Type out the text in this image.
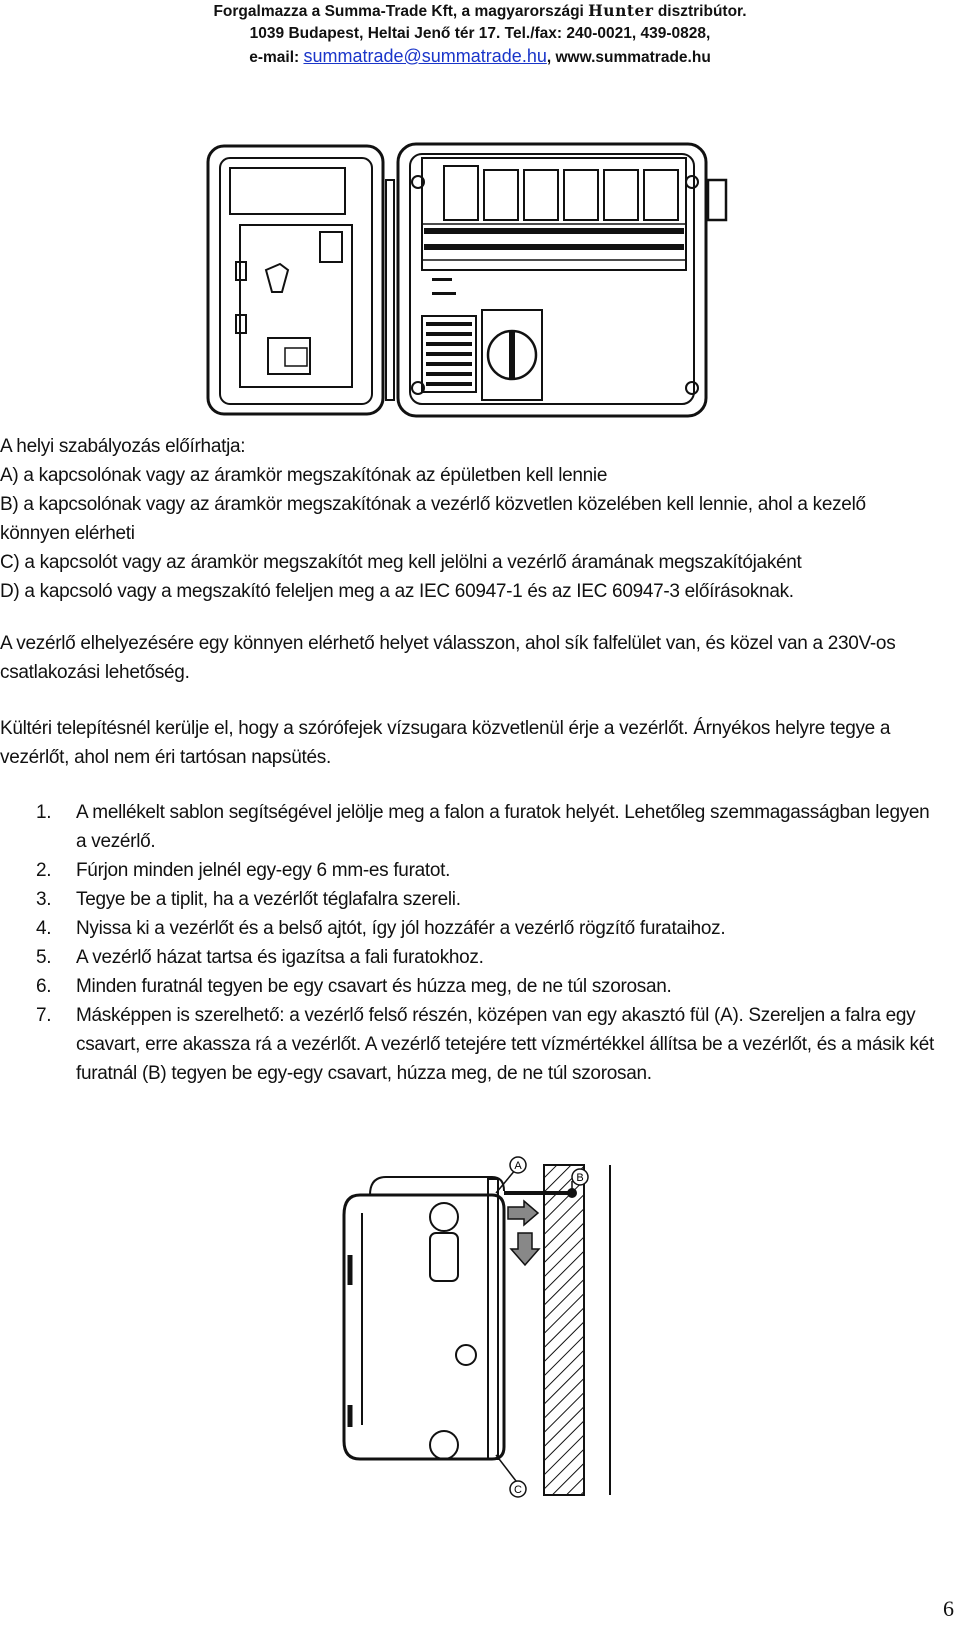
Forgalmazza a Summa-Trade Kft, a magyarországi Hunter disztribútor.
1039 Budapest, Heltai Jenő tér 17. Tel./fax: 240-0021, 439-0828,
e-mail: summatrade@summatrade.hu, www.summatrade.hu

A helyi szabályozás előírhatja:

A) a kapcsolónak vagy az áramkör megszakítónak az épületben kell lennie

B) a kapcsolónak vagy az áramkör megszakítónak a vezérlő közvetlen közelében kell lennie, ahol a kezelő könnyen elérheti

C) a kapcsolót vagy az áramkör megszakítót meg kell jelölni a vezérlő áramának megszakítójaként

D) a kapcsoló vagy a megszakító feleljen meg a az IEC 60947-1 és az IEC 60947-3 előírásoknak.

A vezérlő elhelyezésére egy könnyen elérhető helyet válasszon, ahol sík falfelület van, és közel van a 230V-os csatlakozási lehetőség.
Kültéri telepítésnél kerülje el, hogy a szórófejek vízsugara közvetlenül érje a vezérlőt. Árnyékos helyre tegye a vezérlőt, ahol nem éri tartósan napsütés.
1.	A mellékelt sablon segítségével jelölje meg a falon a furatok helyét. Lehetőleg szemmagasságban legyen a vezérlő.
2.	Fúrjon minden jelnél egy-egy 6 mm-es furatot.
3.	Tegye be a tiplit, ha a vezérlőt téglafalra szereli.
4.	Nyissa ki a vezérlőt és a belső ajtót, így jól hozzáfér a vezérlő rögzítő furataihoz.
5.	A vezérlő házat tartsa és igazítsa a fali furatokhoz.
6.	Minden furatnál tegyen be egy csavart és húzza meg, de ne túl szorosan.
7.	Másképpen is szerelhető: a vezérlő felső részén, középen van egy akasztó fül (A). Szereljen a falra egy csavart, erre akassza rá a vezérlőt. A vezérlő tetejére tett vízmértékkel állítsa be a vezérlőt, és a másik két furatnál (B) tegyen be egy-egy csavart, húzza meg, de ne túl szorosan.
A
B
C
6
